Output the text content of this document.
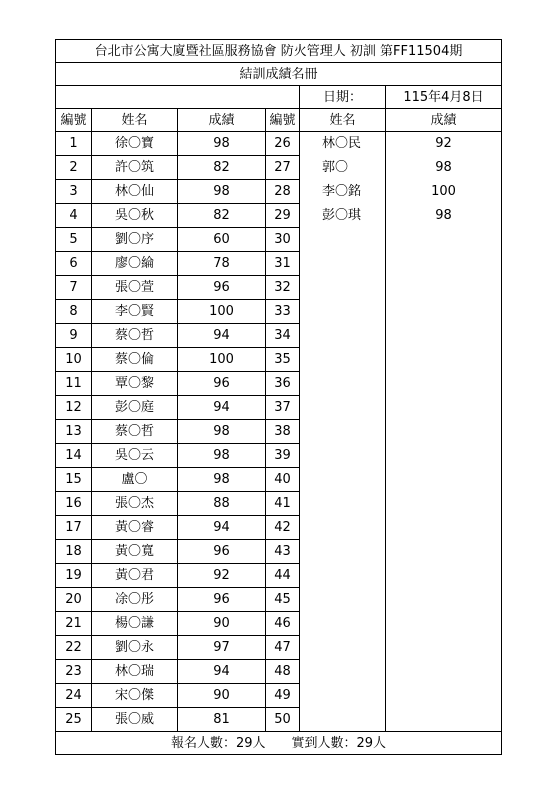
台北市公寓大廈暨社區服務協會 防火管理人 初訓 第FF11504期					
結訓成績名冊					
				日期：	115年4月8日
編號	姓名	成績	編號	姓名	成績
1	徐〇寶	98	26	林〇民	92
2	許〇筑	82	27	郭〇	98
3	林〇仙	98	28	李〇銘	100
4	吳〇秋	82	29	彭〇琪	98
5	劉〇序	60	30		
6	廖〇綸	78	31		
7	張〇萱	96	32		
8	李〇賢	100	33		
9	蔡〇哲	94	34		
10	蔡〇倫	100	35		
11	覃〇黎	96	36		
12	彭〇庭	94	37		
13	蔡〇哲	98	38		
14	吳〇云	98	39		
15	盧〇	98	40		
16	張〇杰	88	41		
17	黃〇睿	94	42		
18	黃〇寬	96	43		
19	黃〇君	92	44		
20	凃〇彤	96	45		
21	楊〇謙	90	46		
22	劉〇永	97	47		
23	林〇瑞	94	48		
24	宋〇傑	90	49		
25	張〇威	81	50		
報名人數：29人 實到人數：29人					
